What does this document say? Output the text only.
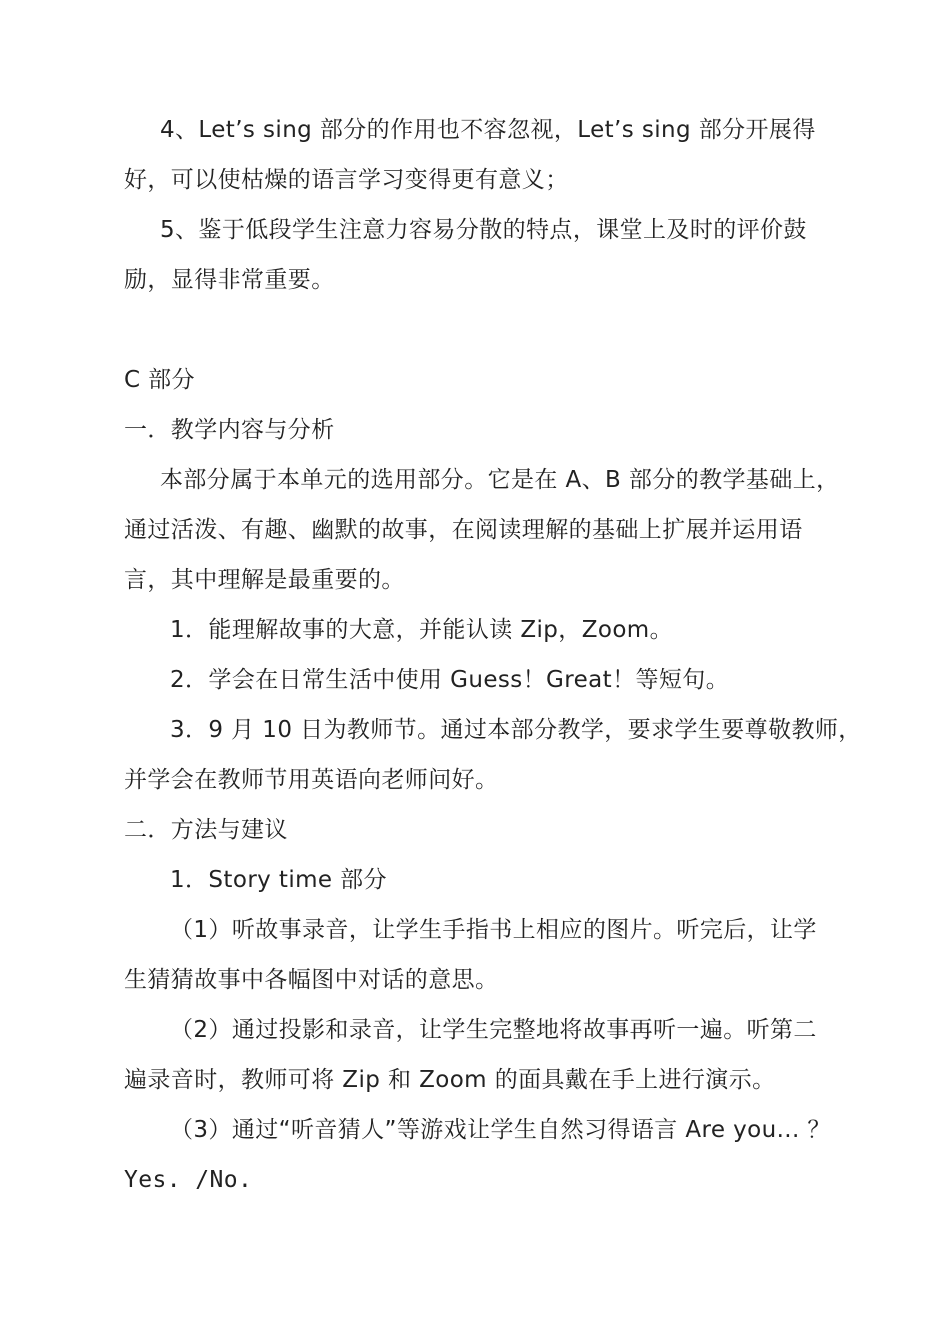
4、Let’s sing 部分的作用也不容忽视，Let’s sing 部分开展得
好，可以使枯燥的语言学习变得更有意义；
5、鉴于低段学生注意力容易分散的特点，课堂上及时的评价鼓
励，显得非常重要。
C 部分
一．教学内容与分析
本部分属于本单元的选用部分。它是在 A、B 部分的教学基础上，
通过活泼、有趣、幽默的故事，在阅读理解的基础上扩展并运用语
言，其中理解是最重要的。
1．能理解故事的大意，并能认读 Zip，Zoom。
2．学会在日常生活中使用 Guess！Great！等短句。
3．9 月 10 日为教师节。通过本部分教学，要求学生要尊敬教师，
并学会在教师节用英语向老师问好。
二．方法与建议
1．Story time 部分
（1）听故事录音，让学生手指书上相应的图片。听完后，让学
生猜猜故事中各幅图中对话的意思。
（2）通过投影和录音，让学生完整地将故事再听一遍。听第二
遍录音时，教师可将 Zip 和 Zoom 的面具戴在手上进行演示。
（3）通过“听音猜人”等游戏让学生自然习得语言 Are you... ？
Yes. /No.
